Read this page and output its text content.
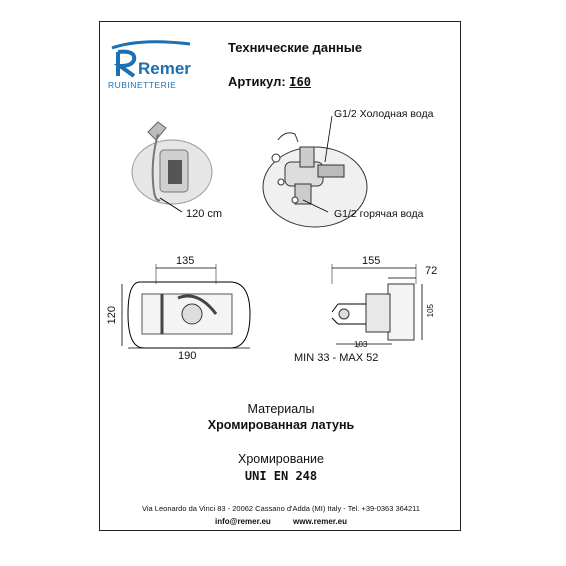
Remer
RUBINETTERIE
Технические данные
Артикул: I60
G1/2 Холодная вода
G1/2 горячая вода
120 cm
135
120
190
155
72
105
103
MIN 33 - MAX 52
Материалы
Хромированная латунь
Хромирование
UNI EN 248
Via Leonardo da Vinci 83 - 20062 Cassano d'Adda (MI) Italy - Tel. +39-0363 364211
info@remer.eu	www.remer.eu
